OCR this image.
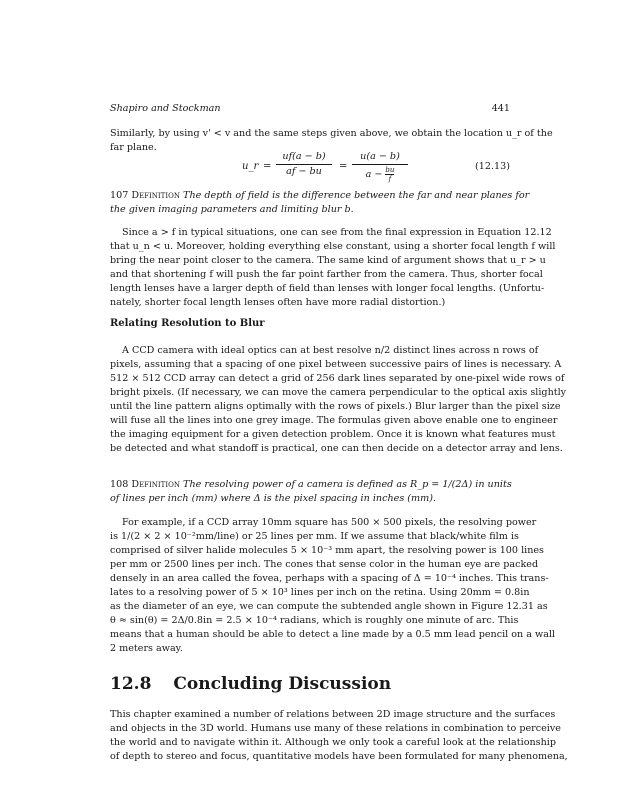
Shapiro and Stockman	441
Similarly, by using v' < v and the same steps given above, we obtain the location u_r of the
far plane.
u_r = $\frac{uf(a - b)}{af - bu}$ =
u(a − b)
$a - \frac{bu}{f}$	(12.13)
107 Definition The depth of field is the difference between the far and near planes for
the given imaging parameters and limiting blur b.
Since a > f in typical situations, one can see from the final expression in Equation 12.12
that u_n < u. Moreover, holding everything else constant, using a shorter focal length f will
bring the near point closer to the camera. The same kind of argument shows that u_r > u
and that shortening f will push the far point farther from the camera. Thus, shorter focal
length lenses have a larger depth of field than lenses with longer focal lengths. (Unfortu-
nately, shorter focal length lenses often have more radial distortion.)
Relating Resolution to Blur
A CCD camera with ideal optics can at best resolve n/2 distinct lines across n rows of
pixels, assuming that a spacing of one pixel between successive pairs of lines is necessary. A
512 × 512 CCD array can detect a grid of 256 dark lines separated by one-pixel wide rows of
bright pixels. (If necessary, we can move the camera perpendicular to the optical axis slightly
until the line pattern aligns optimally with the rows of pixels.) Blur larger than the pixel size
will fuse all the lines into one grey image. The formulas given above enable one to engineer
the imaging equipment for a given detection problem. Once it is known what features must
be detected and what standoff is practical, one can then decide on a detector array and lens.
108 Definition The resolving power of a camera is defined as R_p = 1/(2Δ) in units
of lines per inch (mm) where Δ is the pixel spacing in inches (mm).
For example, if a CCD array 10mm square has 500 × 500 pixels, the resolving power
is 1/(2 × 2 × 10⁻²mm/line) or 25 lines per mm. If we assume that black/white film is
comprised of silver halide molecules 5 × 10⁻³ mm apart, the resolving power is 100 lines
per mm or 2500 lines per inch. The cones that sense color in the human eye are packed
densely in an area called the fovea, perhaps with a spacing of Δ = 10⁻⁴ inches. This trans-
lates to a resolving power of 5 × 10³ lines per inch on the retina. Using 20mm = 0.8in
as the diameter of an eye, we can compute the subtended angle shown in Figure 12.31 as
θ ≈ sin(θ) = 2Δ/0.8in = 2.5 × 10⁻⁴ radians, which is roughly one minute of arc. This
means that a human should be able to detect a line made by a 0.5 mm lead pencil on a wall
2 meters away.
12.8 Concluding Discussion
This chapter examined a number of relations between 2D image structure and the surfaces
and objects in the 3D world. Humans use many of these relations in combination to perceive
the world and to navigate within it. Although we only took a careful look at the relationship
of depth to stereo and focus, quantitative models have been formulated for many phenomena,
